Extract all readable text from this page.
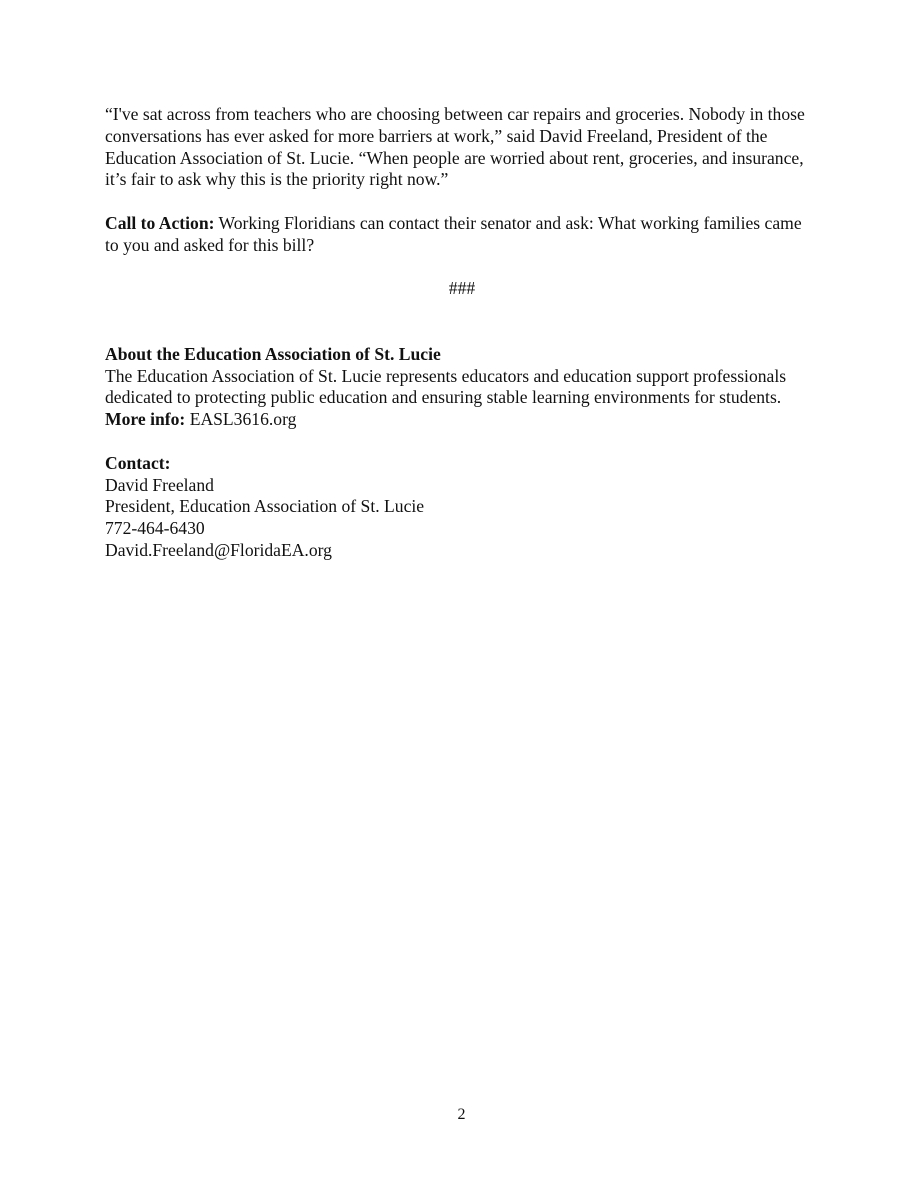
“I've sat across from teachers who are choosing between car repairs and groceries. Nobody in those conversations has ever asked for more barriers at work,” said David Freeland, President of the Education Association of St. Lucie. “When people are worried about rent, groceries, and insurance, it’s fair to ask why this is the priority right now.”

Call to Action: Working Floridians can contact their senator and ask: What working families came to you and asked for this bill?

###

About the Education Association of St. Lucie

The Education Association of St. Lucie represents educators and education support professionals dedicated to protecting public education and ensuring stable learning environments for students.

More info: EASL3616.org

Contact:

David Freeland

President, Education Association of St. Lucie

772-464-6430

David.Freeland@FloridaEA.org

2
